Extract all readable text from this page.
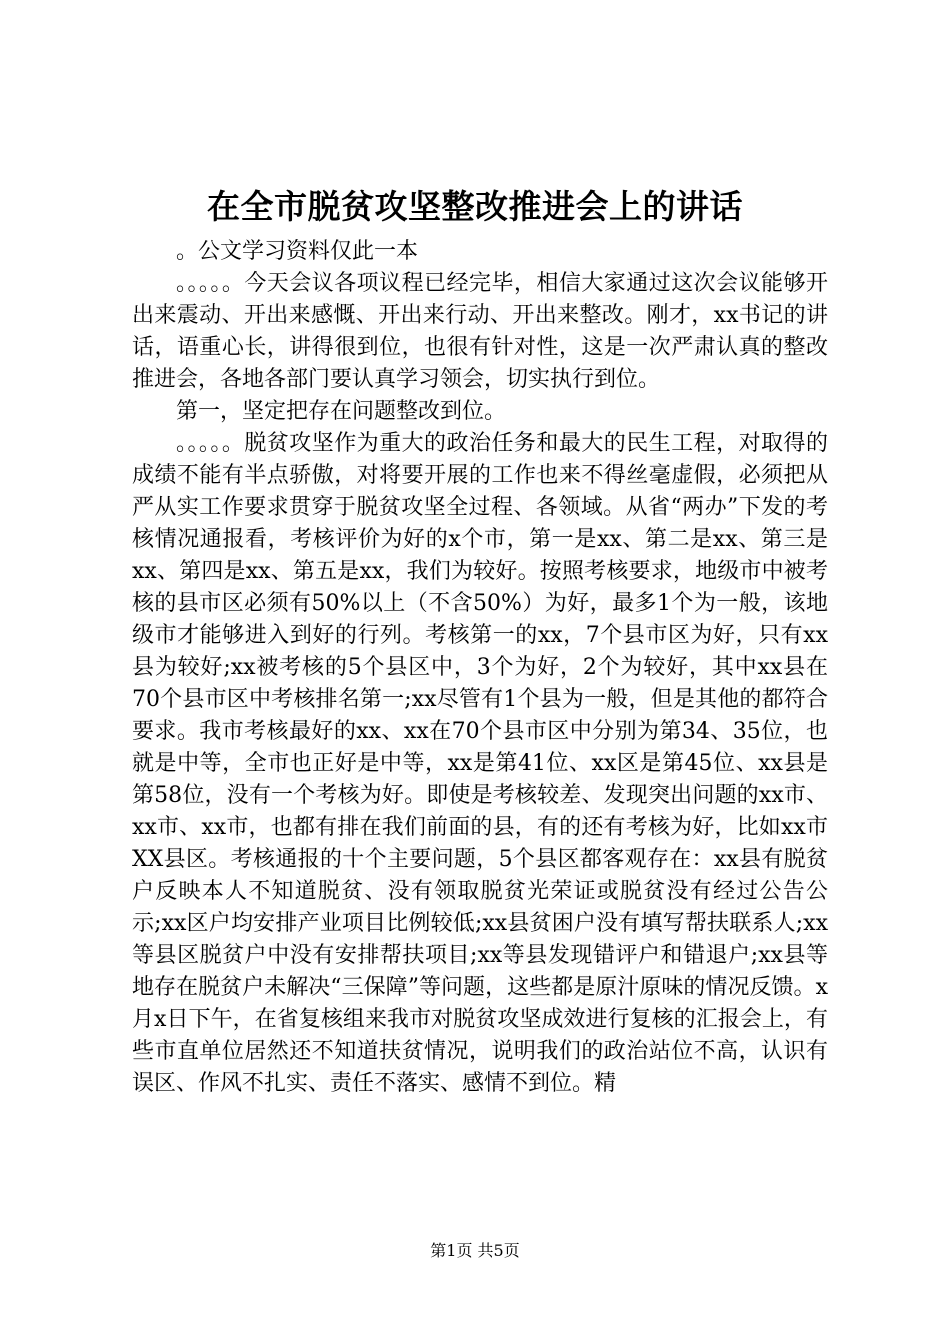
在全市脱贫攻坚整改推进会上的讲话

。公文学习资料仅此一本

。。。。。今天会议各项议程已经完毕，相信大家通过这次会议能够开出来震动、开出来感慨、开出来行动、开出来整改。刚才，xx书记的讲话，语重心长，讲得很到位，也很有针对性，这是一次严肃认真的整改推进会，各地各部门要认真学习领会，切实执行到位。

第一，坚定把存在问题整改到位。

。。。。。脱贫攻坚作为重大的政治任务和最大的民生工程，对取得的成绩不能有半点骄傲，对将要开展的工作也来不得丝毫虚假，必须把从严从实工作要求贯穿于脱贫攻坚全过程、各领域。从省“两办”下发的考核情况通报看，考核评价为好的x个市，第一是xx、第二是xx、第三是xx、第四是xx、第五是xx，我们为较好。按照考核要求，地级市中被考核的县市区必须有50%以上（不含50%）为好，最多1个为一般，该地级市才能够进入到好的行列。考核第一的xx，7个县市区为好，只有xx县为较好;xx被考核的5个县区中，3个为好，2个为较好，其中xx县在70个县市区中考核排名第一;xx尽管有1个县为一般，但是其他的都符合要求。我市考核最好的xx、xx在70个县市区中分别为第34、35位，也就是中等，全市也正好是中等，xx是第41位、xx区是第45位、xx县是第58位，没有一个考核为好。即使是考核较差、发现突出问题的xx市、xx市、xx市，也都有排在我们前面的县，有的还有考核为好，比如xx市XX县区。考核通报的十个主要问题，5个县区都客观存在：xx县有脱贫户反映本人不知道脱贫、没有领取脱贫光荣证或脱贫没有经过公告公示;xx区户均安排产业项目比例较低;xx县贫困户没有填写帮扶联系人;xx等县区脱贫户中没有安排帮扶项目;xx等县发现错评户和错退户;xx县等地存在脱贫户未解决“三保障”等问题，这些都是原汁原味的情况反馈。x月x日下午，在省复核组来我市对脱贫攻坚成效进行复核的汇报会上，有些市直单位居然还不知道扶贫情况，说明我们的政治站位不高，认识有误区、作风不扎实、责任不落实、感情不到位。精

第1页 共5页
